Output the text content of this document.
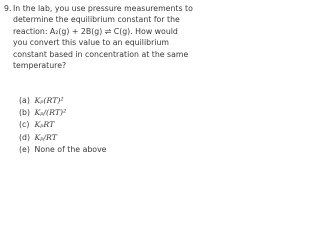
9. In the lab, you use pressure measurements to
determine the equilibrium constant for the
reaction: A₂(g) + 2B(g) ⇌ C(g). How would
you convert this value to an equilibrium
constant based in concentration at the same
temperature?
(a) Kₚ(RT)²
(b) Kₚ/(RT)²
(c) KₚRT
(d) Kₚ/RT
(e) None of the above
